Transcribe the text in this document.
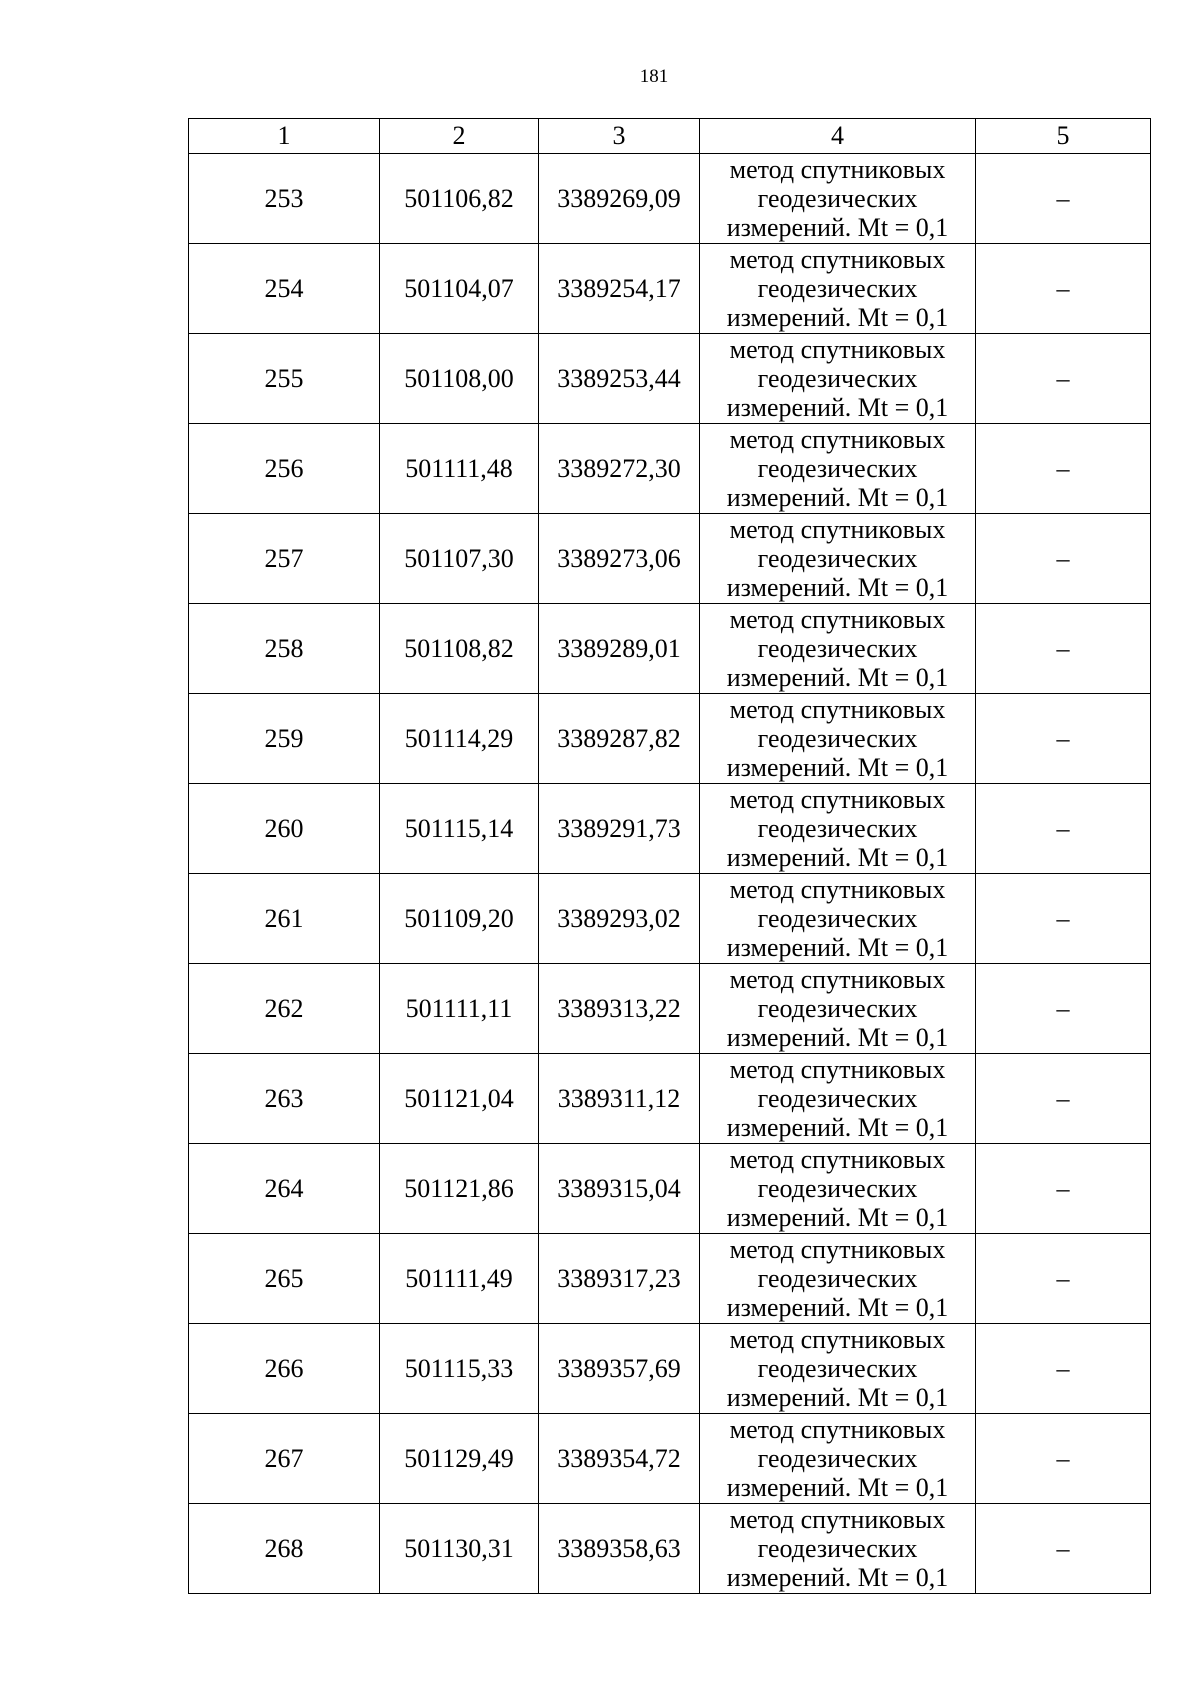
181
1	2	3	4	5
253	501106,82	3389269,09	метод спутниковых
геодезических
измерений. Mt = 0,1	–
254	501104,07	3389254,17	метод спутниковых
геодезических
измерений. Mt = 0,1	–
255	501108,00	3389253,44	метод спутниковых
геодезических
измерений. Mt = 0,1	–
256	501111,48	3389272,30	метод спутниковых
геодезических
измерений. Mt = 0,1	–
257	501107,30	3389273,06	метод спутниковых
геодезических
измерений. Mt = 0,1	–
258	501108,82	3389289,01	метод спутниковых
геодезических
измерений. Mt = 0,1	–
259	501114,29	3389287,82	метод спутниковых
геодезических
измерений. Mt = 0,1	–
260	501115,14	3389291,73	метод спутниковых
геодезических
измерений. Mt = 0,1	–
261	501109,20	3389293,02	метод спутниковых
геодезических
измерений. Mt = 0,1	–
262	501111,11	3389313,22	метод спутниковых
геодезических
измерений. Mt = 0,1	–
263	501121,04	3389311,12	метод спутниковых
геодезических
измерений. Mt = 0,1	–
264	501121,86	3389315,04	метод спутниковых
геодезических
измерений. Mt = 0,1	–
265	501111,49	3389317,23	метод спутниковых
геодезических
измерений. Mt = 0,1	–
266	501115,33	3389357,69	метод спутниковых
геодезических
измерений. Mt = 0,1	–
267	501129,49	3389354,72	метод спутниковых
геодезических
измерений. Mt = 0,1	–
268	501130,31	3389358,63	метод спутниковых
геодезических
измерений. Mt = 0,1	–
